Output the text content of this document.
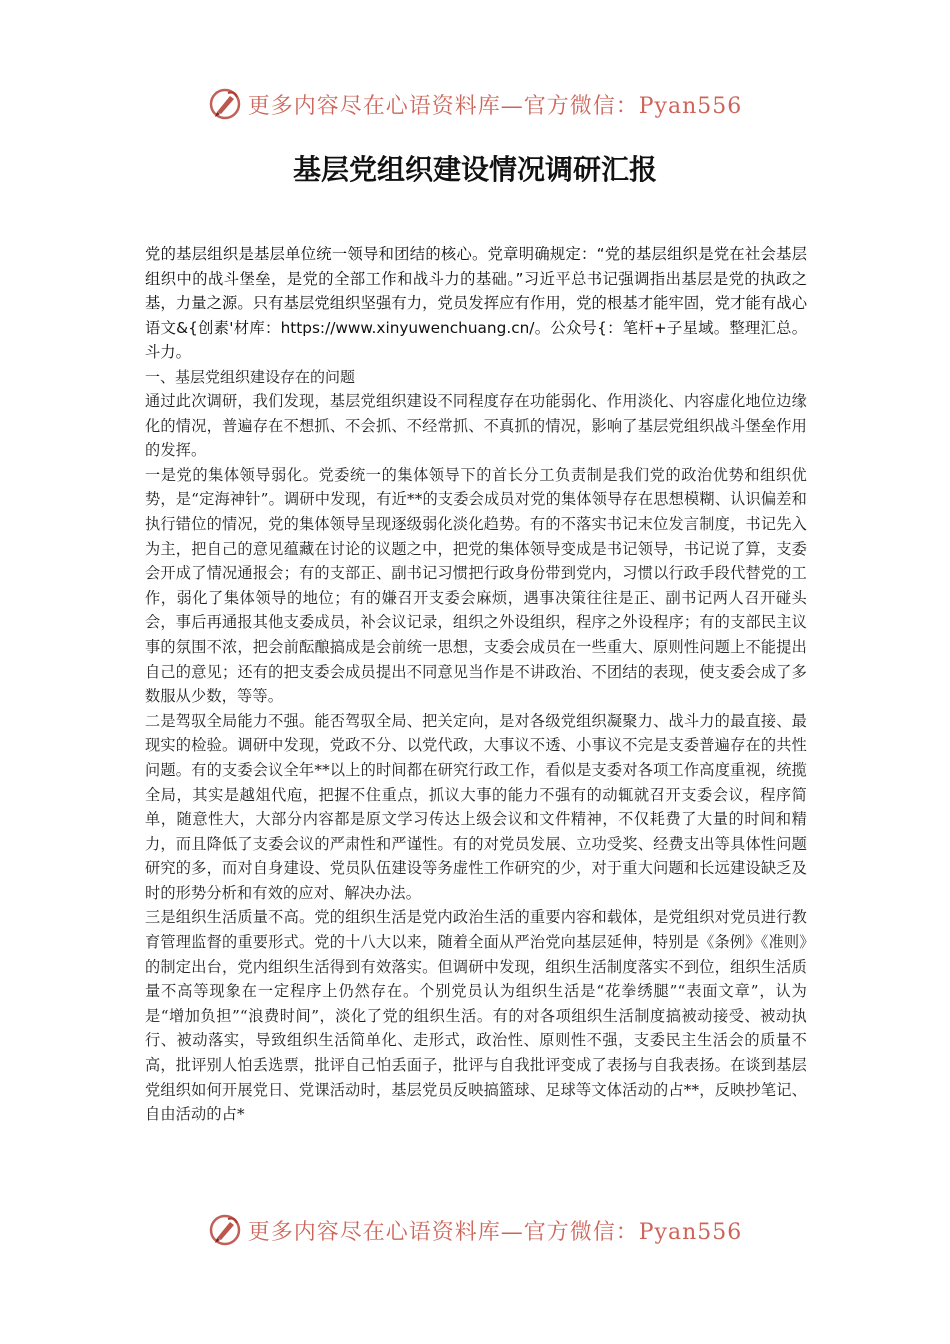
更多内容尽在心语资料库—官方微信：Pyan556
基层党组织建设情况调研汇报

党的基层组织是基层单位统一领导和团结的核心。党章明确规定：“党的基层组织是党在社会基层组织中的战斗堡垒，是党的全部工作和战斗力的基础。”习近平总书记强调指出基层是党的执政之基，力量之源。只有基层党组织坚强有力，党员发挥应有作用，党的根基才能牢固，党才能有战心语文&{创素'材库：https://www.xinyuwenchuang.cn/。公众号{：笔杆+子星域。整理汇总。斗力。

一、基层党组织建设存在的问题

通过此次调研，我们发现，基层党组织建设不同程度存在功能弱化、作用淡化、内容虚化地位边缘化的情况，普遍存在不想抓、不会抓、不经常抓、不真抓的情况，影响了基层党组织战斗堡垒作用的发挥。

一是党的集体领导弱化。党委统一的集体领导下的首长分工负责制是我们党的政治优势和组织优势，是“定海神针”。调研中发现，有近**的支委会成员对党的集体领导存在思想模糊、认识偏差和执行错位的情况，党的集体领导呈现逐级弱化淡化趋势。有的不落实书记末位发言制度，书记先入为主，把自己的意见蕴藏在讨论的议题之中，把党的集体领导变成是书记领导，书记说了算，支委会开成了情况通报会；有的支部正、副书记习惯把行政身份带到党内，习惯以行政手段代替党的工作，弱化了集体领导的地位；有的嫌召开支委会麻烦，遇事决策往往是正、副书记两人召开碰头会，事后再通报其他支委成员，补会议记录，组织之外设组织，程序之外设程序；有的支部民主议事的氛围不浓，把会前酝酿搞成是会前统一思想，支委会成员在一些重大、原则性问题上不能提出自己的意见；还有的把支委会成员提出不同意见当作是不讲政治、不团结的表现，使支委会成了多数服从少数，等等。

二是驾驭全局能力不强。能否驾驭全局、把关定向，是对各级党组织凝聚力、战斗力的最直接、最现实的检验。调研中发现，党政不分、以党代政，大事议不透、小事议不完是支委普遍存在的共性问题。有的支委会议全年**以上的时间都在研究行政工作，看似是支委对各项工作高度重视，统揽全局，其实是越俎代庖，把握不住重点，抓议大事的能力不强有的动辄就召开支委会议，程序简单，随意性大，大部分内容都是原文学习传达上级会议和文件精神，不仅耗费了大量的时间和精力，而且降低了支委会议的严肃性和严谨性。有的对党员发展、立功受奖、经费支出等具体性问题研究的多，而对自身建设、党员队伍建设等务虚性工作研究的少，对于重大问题和长远建设缺乏及时的形势分析和有效的应对、解决办法。

三是组织生活质量不高。党的组织生活是党内政治生活的重要内容和载体，是党组织对党员进行教育管理监督的重要形式。党的十八大以来，随着全面从严治党向基层延伸，特别是《条例》《准则》的制定出台，党内组织生活得到有效落实。但调研中发现，组织生活制度落实不到位，组织生活质量不高等现象在一定程序上仍然存在。个别党员认为组织生活是“花拳绣腿”“表面文章”，认为是“增加负担”“浪费时间”，淡化了党的组织生活。有的对各项组织生活制度搞被动接受、被动执行、被动落实，导致组织生活简单化、走形式，政治性、原则性不强，支委民主生活会的质量不高，批评别人怕丢选票，批评自己怕丢面子，批评与自我批评变成了表扬与自我表扬。在谈到基层党组织如何开展党日、党课活动时，基层党员反映搞篮球、足球等文体活动的占**，反映抄笔记、自由活动的占*

更多内容尽在心语资料库—官方微信：Pyan556
